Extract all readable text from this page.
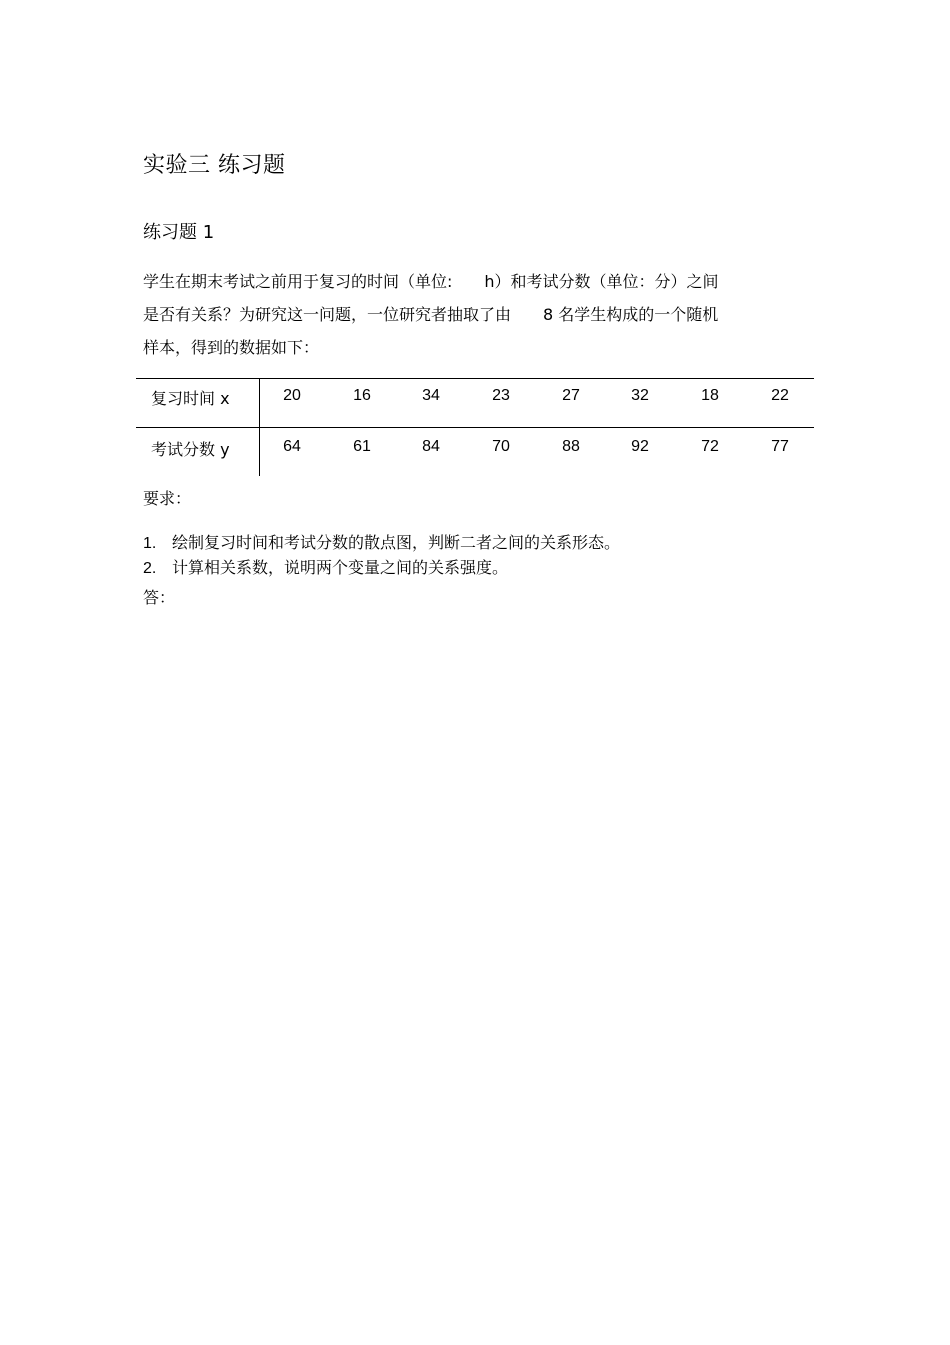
实验三 练习题
练习题 1
学生在期末考试之前用于复习的时间（单位:　　h）和考试分数（单位：分）之间
是否有关系？为研究这一问题，一位研究者抽取了由　　8 名学生构成的一个随机
样本，得到的数据如下：
复习时间 x	20	16	34	23	27	32	18	22
考试分数 y	64	61	84	70	88	92	72	77
要求：
1. 绘制复习时间和考试分数的散点图，判断二者之间的关系形态。
2. 计算相关系数，说明两个变量之间的关系强度。
答：
